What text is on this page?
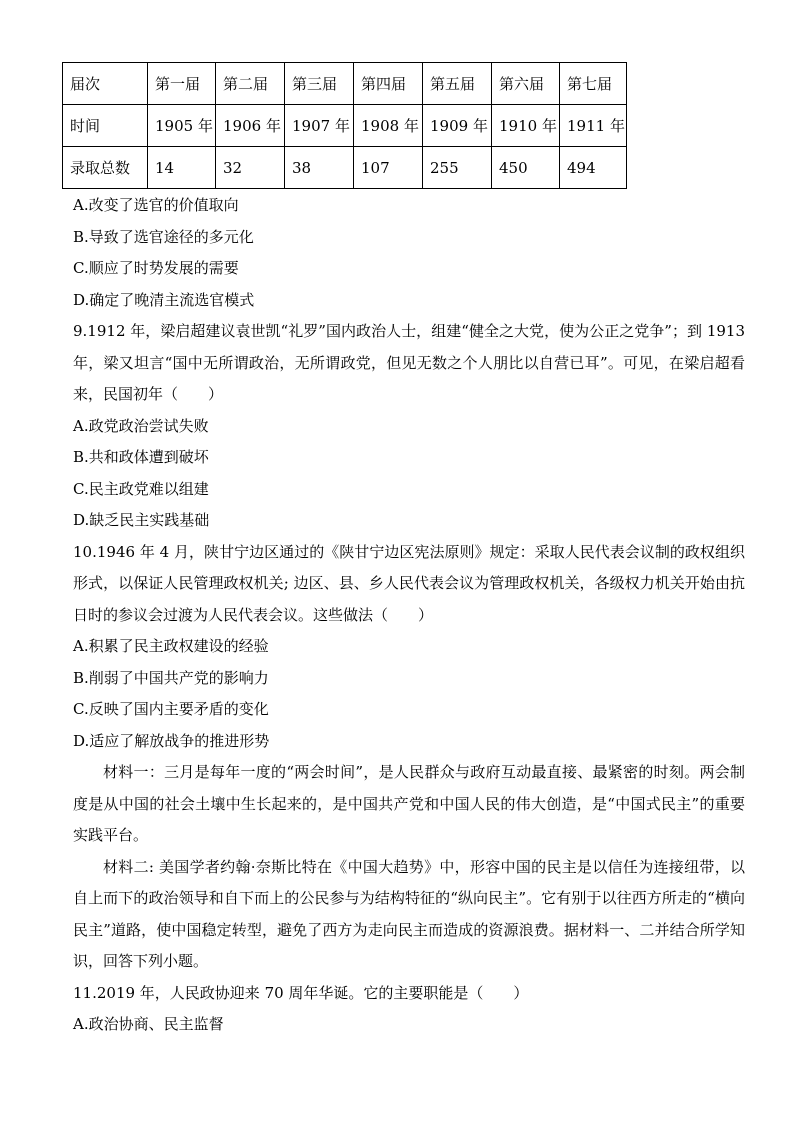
届次	第一届	第二届	第三届	第四届	第五届	第六届	第七届
时间	1905 年	1906 年	1907 年	1908 年	1909 年	1910 年	1911 年
录取总数	14	32	38	107	255	450	494
A.改变了选官的价值取向
B.导致了选官途径的多元化
C.顺应了时势发展的需要
D.确定了晚清主流选官模式
9.1912 年，梁启超建议袁世凯“礼罗”国内政治人士，组建“健全之大党，使为公正之党争”；到 1913 年，梁又坦言“国中无所谓政治，无所谓政党，但见无数之个人朋比以自营已耳”。可见，在梁启超看来，民国初年（　　）
A.政党政治尝试失败
B.共和政体遭到破坏
C.民主政党难以组建
D.缺乏民主实践基础
10.1946 年 4 月，陕甘宁边区通过的《陕甘宁边区宪法原则》规定：采取人民代表会议制的政权组织形式，以保证人民管理政权机关; 边区、县、乡人民代表会议为管理政权机关，各级权力机关开始由抗日时的参议会过渡为人民代表会议。这些做法（　　）
A.积累了民主政权建设的经验
B.削弱了中国共产党的影响力
C.反映了国内主要矛盾的变化
D.适应了解放战争的推进形势
材料一：三月是每年一度的“两会时间”，是人民群众与政府互动最直接、最紧密的时刻。两会制度是从中国的社会土壤中生长起来的，是中国共产党和中国人民的伟大创造，是“中国式民主”的重要实践平台。
材料二: 美国学者约翰·奈斯比特在《中国大趋势》中，形容中国的民主是以信任为连接纽带，以自上而下的政治领导和自下而上的公民参与为结构特征的“纵向民主”。它有别于以往西方所走的“横向民主”道路，使中国稳定转型，避免了西方为走向民主而造成的资源浪费。据材料一、二并结合所学知识，回答下列小题。
11.2019 年，人民政协迎来 70 周年华诞。它的主要职能是（　　）
A.政治协商、民主监督
